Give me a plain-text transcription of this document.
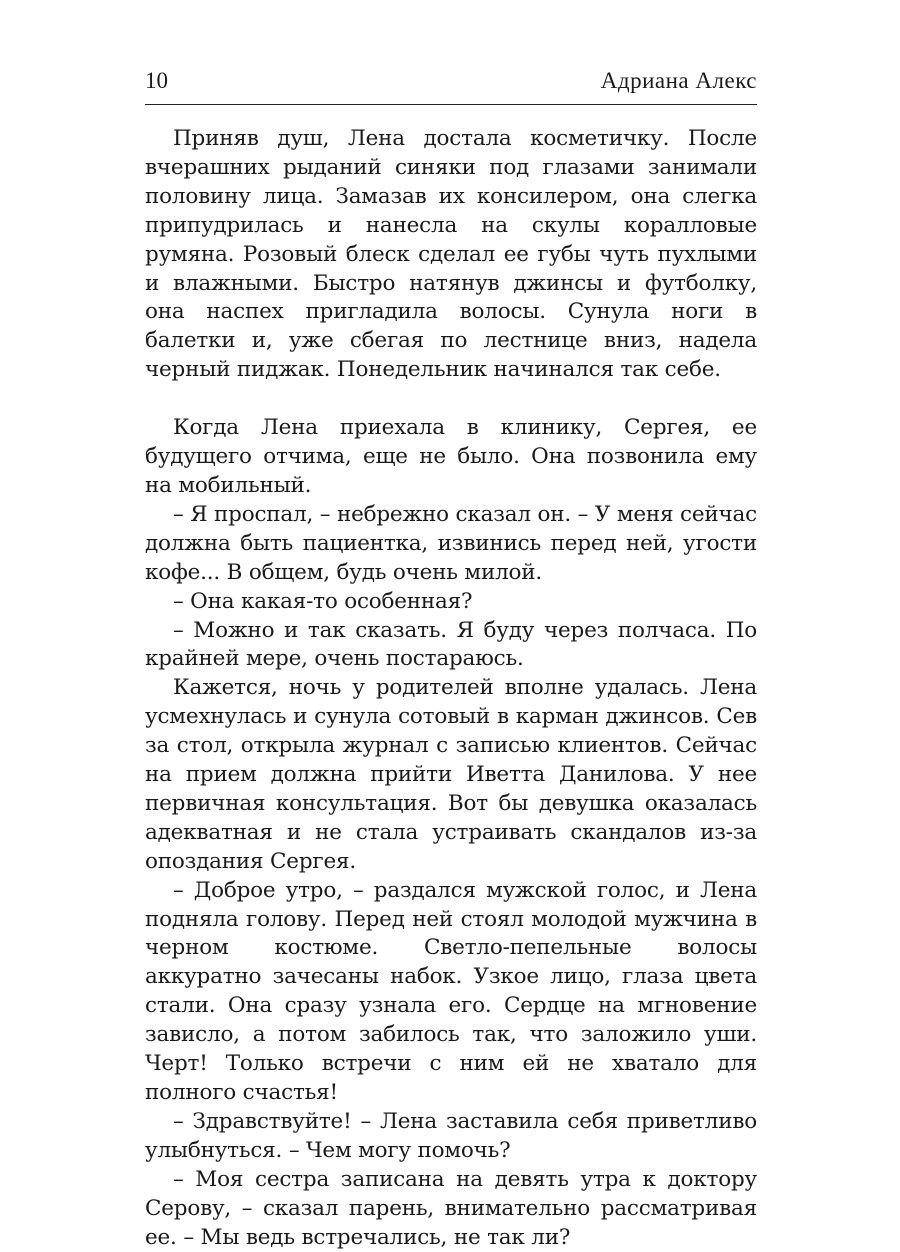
10	Адриана Алекс

Приняв душ, Лена достала косметичку. После вчерашних рыданий синяки под глазами занимали половину лица. Замазав их консилером, она слегка припудрилась и нанесла на скулы коралловые румяна. Розовый блеск сделал ее губы чуть пухлыми и влажными. Быстро натянув джинсы и футболку, она наспех пригладила волосы. Сунула ноги в балетки и, уже сбегая по лестнице вниз, надела черный пиджак. Понедельник начинался так себе.

Когда Лена приехала в клинику, Сергея, ее будущего отчима, еще не было. Она позвонила ему на мобильный.

– Я проспал, – небрежно сказал он. – У меня сейчас должна быть пациентка, извинись перед ней, угости кофе... В общем, будь очень милой.

– Она какая-то особенная?

– Можно и так сказать. Я буду через полчаса. По крайней мере, очень постараюсь.

Кажется, ночь у родителей вполне удалась. Лена усмехнулась и сунула сотовый в карман джинсов. Сев за стол, открыла журнал с записью клиентов. Сейчас на прием должна прийти Иветта Данилова. У нее первичная консультация. Вот бы девушка оказалась адекватная и не стала устраивать скандалов из-за опоздания Сергея.

– Доброе утро, – раздался мужской голос, и Лена подняла голову. Перед ней стоял молодой мужчина в черном костюме. Светло-пепельные волосы аккуратно зачесаны набок. Узкое лицо, глаза цвета стали. Она сразу узнала его. Сердце на мгновение зависло, а потом забилось так, что заложило уши. Черт! Только встречи с ним ей не хватало для полного счастья!

– Здравствуйте! – Лена заставила себя приветливо улыбнуться. – Чем могу помочь?

– Моя сестра записана на девять утра к доктору Серову, – сказал парень, внимательно рассматривая ее. – Мы ведь встречались, не так ли?
